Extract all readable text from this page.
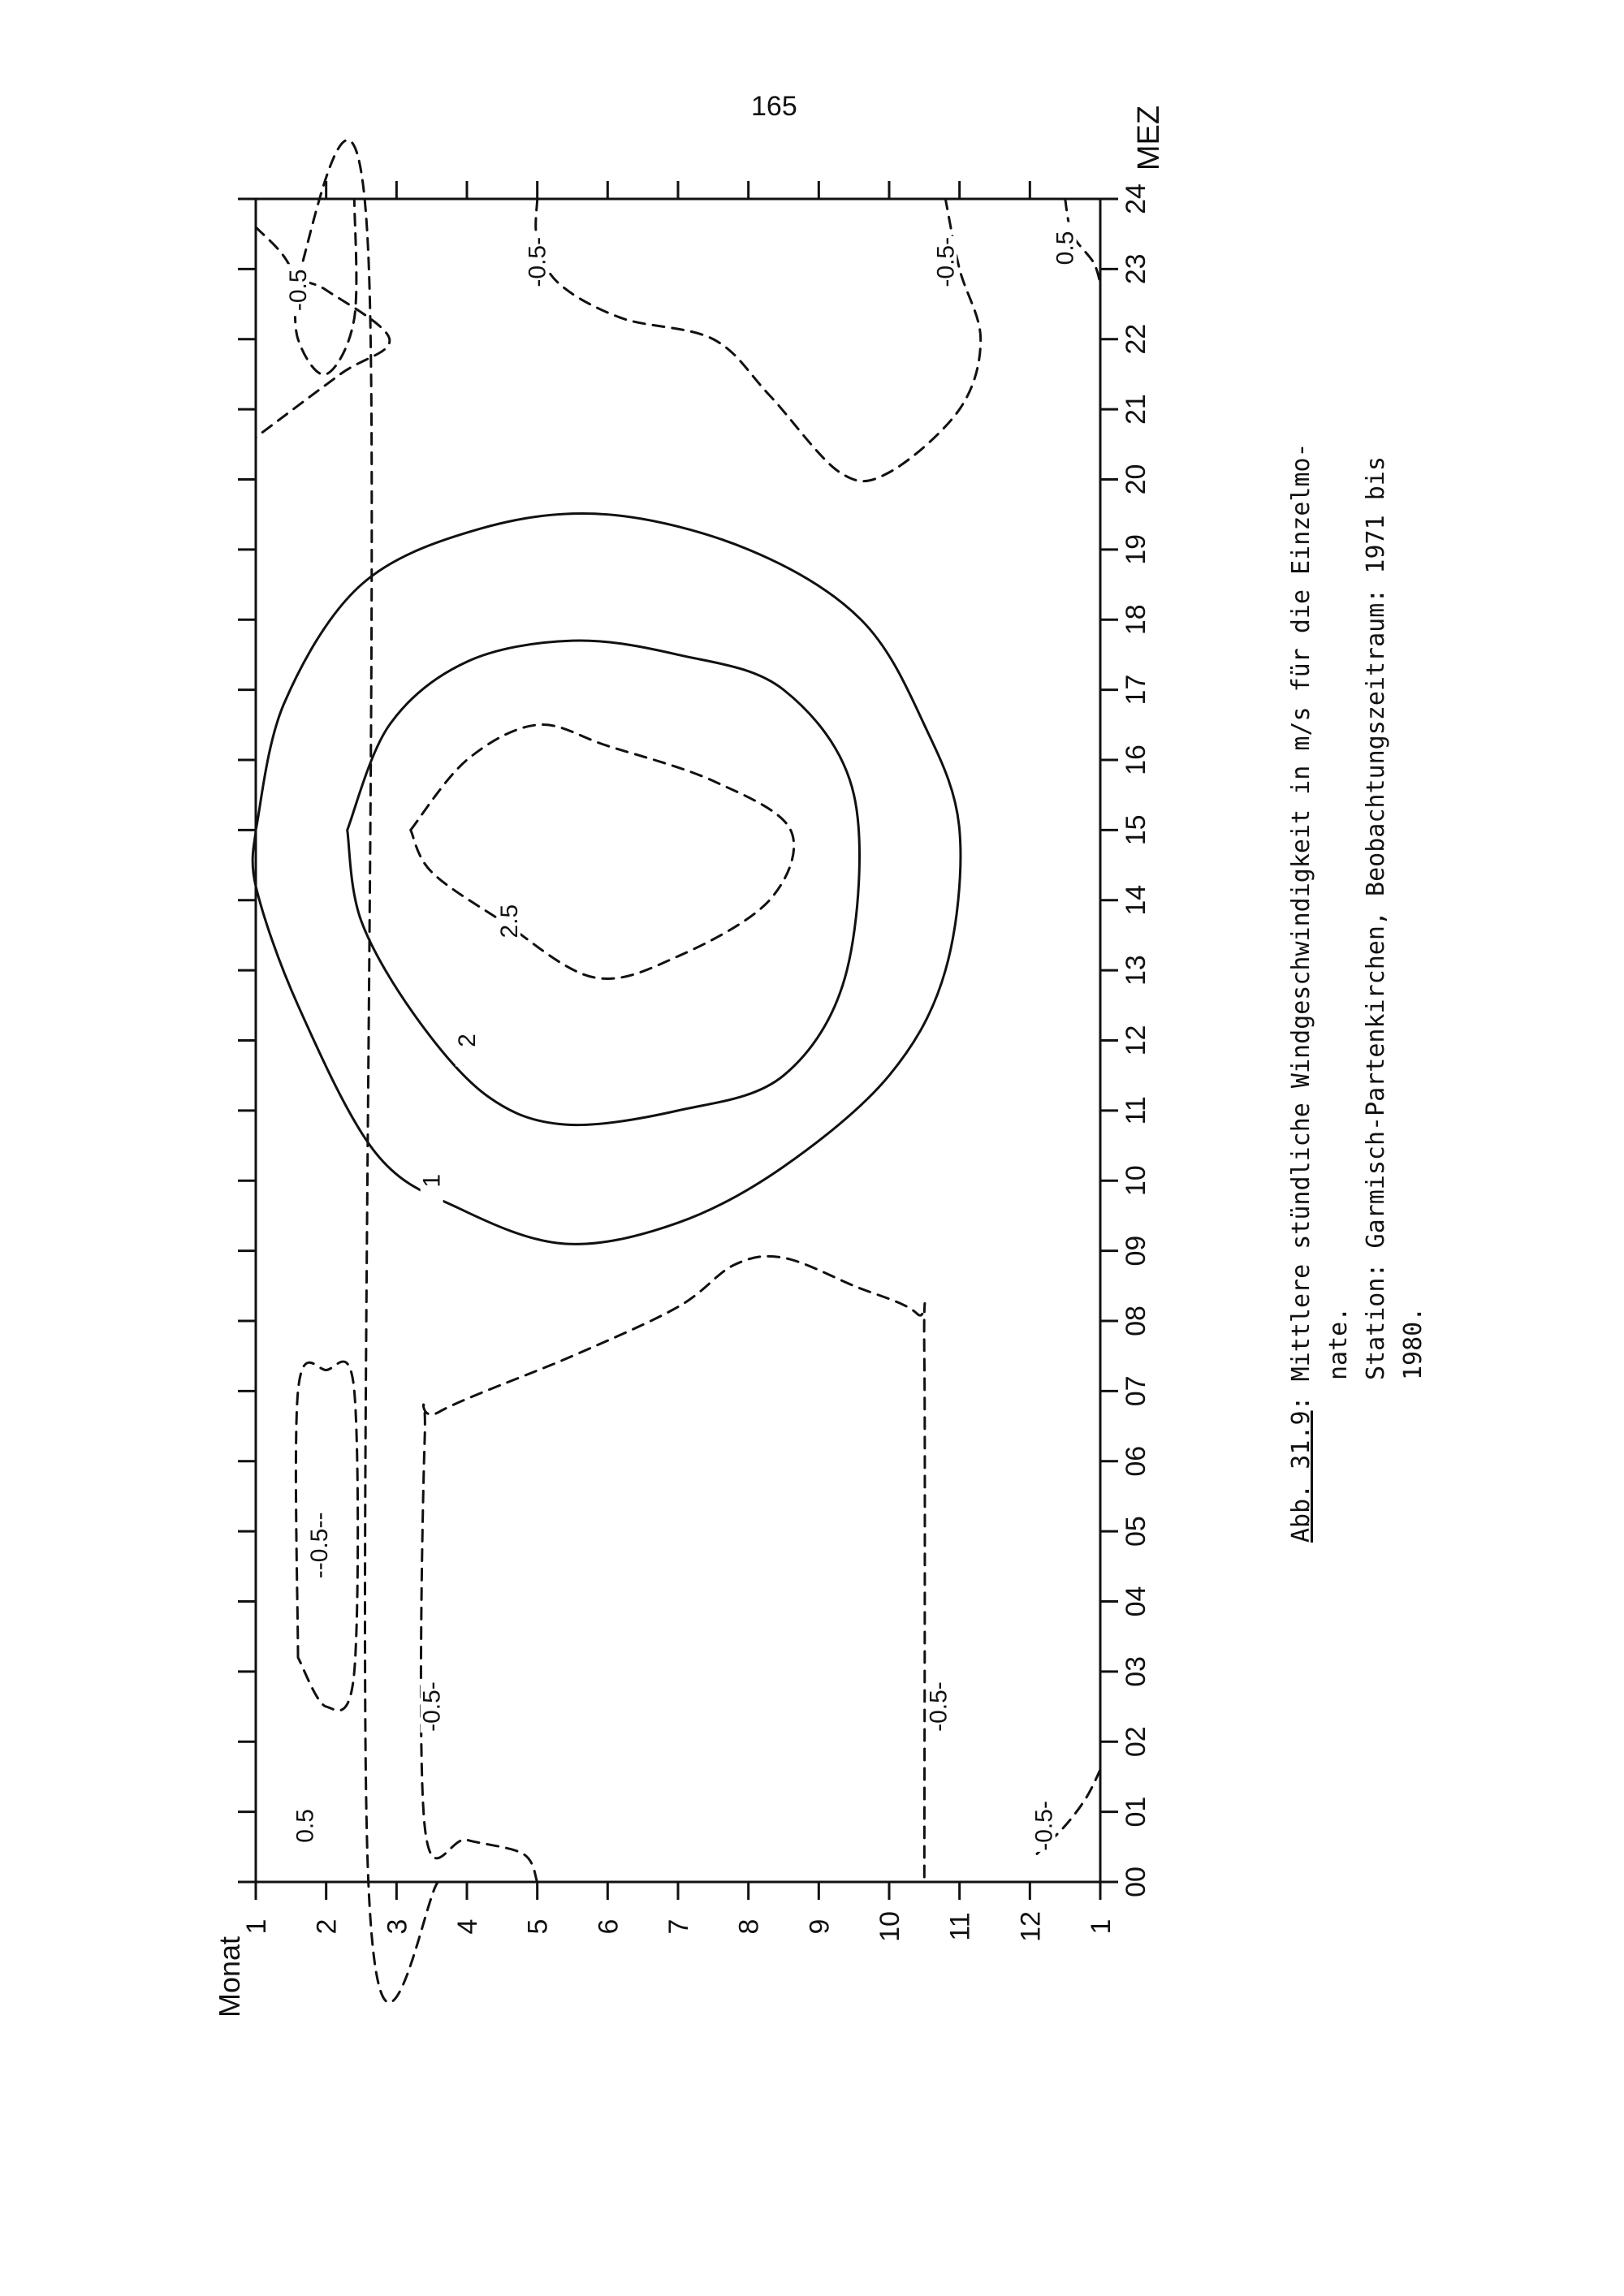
165
1
2
2.5
-0.5-	-0.5-	0.5
-0.5
--0.5--
-0.5-	-0.5-
0.5	-0.5-
1 2 3 4 5 6 7 8 9 10 11 12 1
00
01
02
03
04
05
06
07
08
09
10
11
12
13
14
15
16
17
18
19
20
21
22
23
24
Monat
MEZ
Abb. 31.9: Mittlere stündliche Windgeschwindigkeit in m/s für die Einzelmo- nate. Station: Garmisch-Partenkirchen, Beobachtungszeitraum: 1971 bis 1980.
